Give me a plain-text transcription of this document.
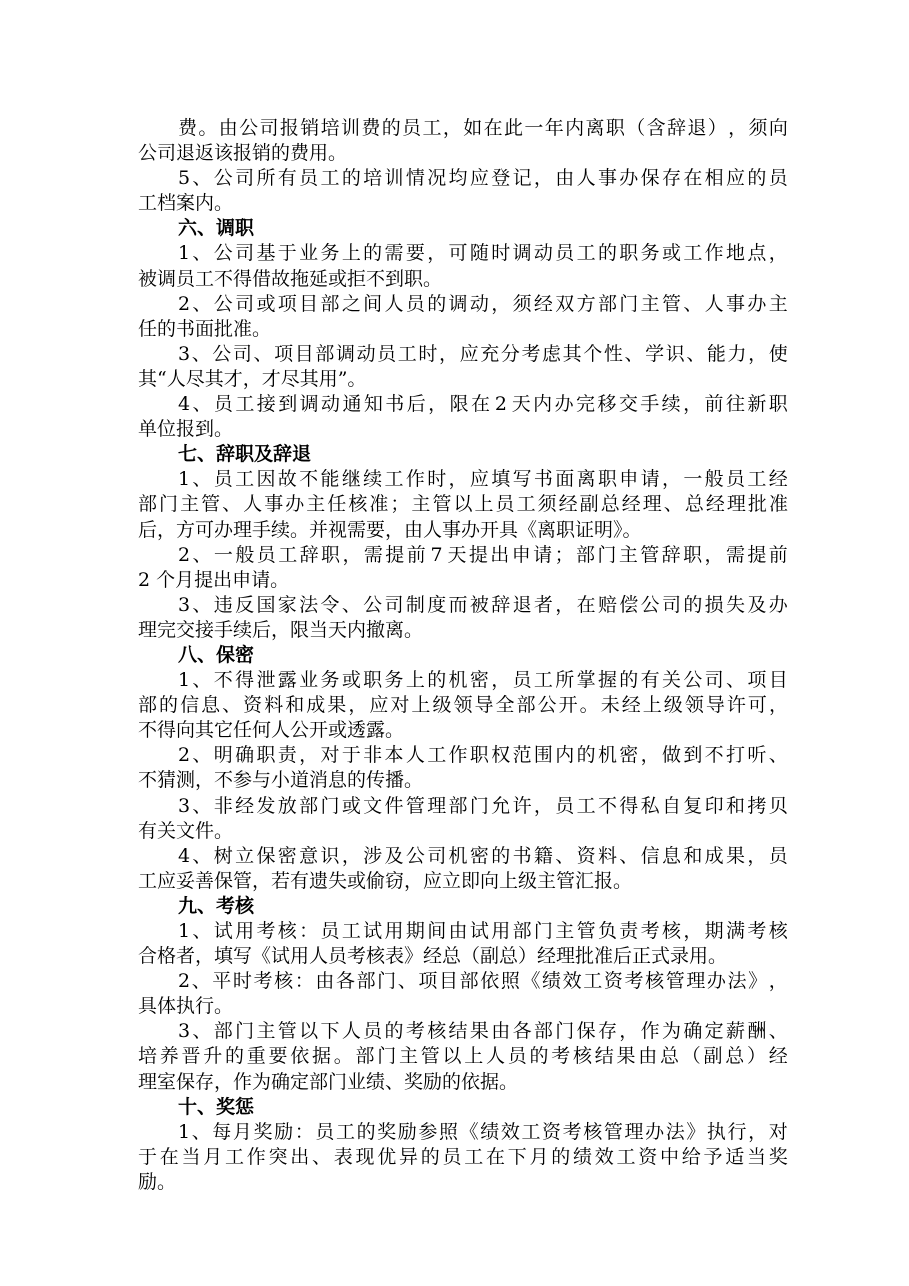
费 。 由 公 司 报 销 培 训 费 的 员 工 ， 如 在 此 一 年 内 离 职 （ 含 辞 退 ） ， 须 向
公司退返该报销的费用。
5 、 公 司 所 有 员 工 的 培 训 情 况 均 应 登 记 ， 由 人 事 办 保 存 在 相 应 的 员
工档案内。
六、调职
1 、 公 司 基 于 业 务 上 的 需 要 ， 可 随 时 调 动 员 工 的 职 务 或 工 作 地 点 ，
被调员工不得借故拖延或拒不到职。
2 、 公 司 或 项 目 部 之 间 人 员 的 调 动 ， 须 经 双 方 部 门 主 管 、 人 事 办 主
任的书面批准。
3 、 公 司 、 项 目 部 调 动 员 工 时 ， 应 充 分 考 虑 其 个 性 、 学 识 、 能 力 ， 使
其“人尽其才，才尽其用”。
4 、 员 工 接 到 调 动 通 知 书 后 ， 限 在 2 天 内 办 完 移 交 手 续 ， 前 往 新 职
单位报到。
七、辞职及辞退
1 、 员 工 因 故 不 能 继 续 工 作 时 ， 应 填 写 书 面 离 职 申 请 ， 一 般 员 工 经
部 门 主 管 、 人 事 办 主 任 核 准 ； 主 管 以 上 员 工 须 经 副 总 经 理 、 总 经 理 批 准
后，方可办理手续。并视需要，由人事办开具《离职证明》。
2 、 一 般 员 工 辞 职 ， 需 提 前 7 天 提 出 申 请 ； 部 门 主 管 辞 职 ， 需 提 前
2 个月提出申请。
3 、 违 反 国 家 法 令 、 公 司 制 度 而 被 辞 退 者 ， 在 赔 偿 公 司 的 损 失 及 办
理完交接手续后，限当天内撤离。
八、保密
1 、 不 得 泄 露 业 务 或 职 务 上 的 机 密 ， 员 工 所 掌 握 的 有 关 公 司 、 项 目
部 的 信 息 、 资 料 和 成 果 ， 应 对 上 级 领 导 全 部 公 开 。 未 经 上 级 领 导 许 可 ，
不得向其它任何人公开或透露。
2 、 明 确 职 责 ， 对 于 非 本 人 工 作 职 权 范 围 内 的 机 密 ， 做 到 不 打 听 、
不猜测，不参与小道消息的传播。
3 、 非 经 发 放 部 门 或 文 件 管 理 部 门 允 许 ， 员 工 不 得 私 自 复 印 和 拷 贝
有关文件。
4 、 树 立 保 密 意 识 ， 涉 及 公 司 机 密 的 书 籍 、 资 料 、 信 息 和 成 果 ， 员
工应妥善保管，若有遗失或偷窃，应立即向上级主管汇报。
九、考核
1 、 试 用 考 核 ： 员 工 试 用 期 间 由 试 用 部 门 主 管 负 责 考 核 ， 期 满 考 核
合格者，填写《试用人员考核表》经总（副总）经理批准后正式录用。
2 、 平 时 考 核 ： 由 各 部 门 、 项 目 部 依 照 《 绩 效 工 资 考 核 管 理 办 法 》 ，
具体执行。
3 、 部 门 主 管 以 下 人 员 的 考 核 结 果 由 各 部 门 保 存 ， 作 为 确 定 薪 酬 、
培 养 晋 升 的 重 要 依 据 。 部 门 主 管 以 上 人 员 的 考 核 结 果 由 总 （ 副 总 ） 经
理室保存，作为确定部门业绩、奖励的依据。
十、奖惩
1 、 每 月 奖 励 ： 员 工 的 奖 励 参 照 《 绩 效 工 资 考 核 管 理 办 法 》 执 行 ， 对
于 在 当 月 工 作 突 出 、 表 现 优 异 的 员 工 在 下 月 的 绩 效 工 资 中 给 予 适 当 奖
励。
